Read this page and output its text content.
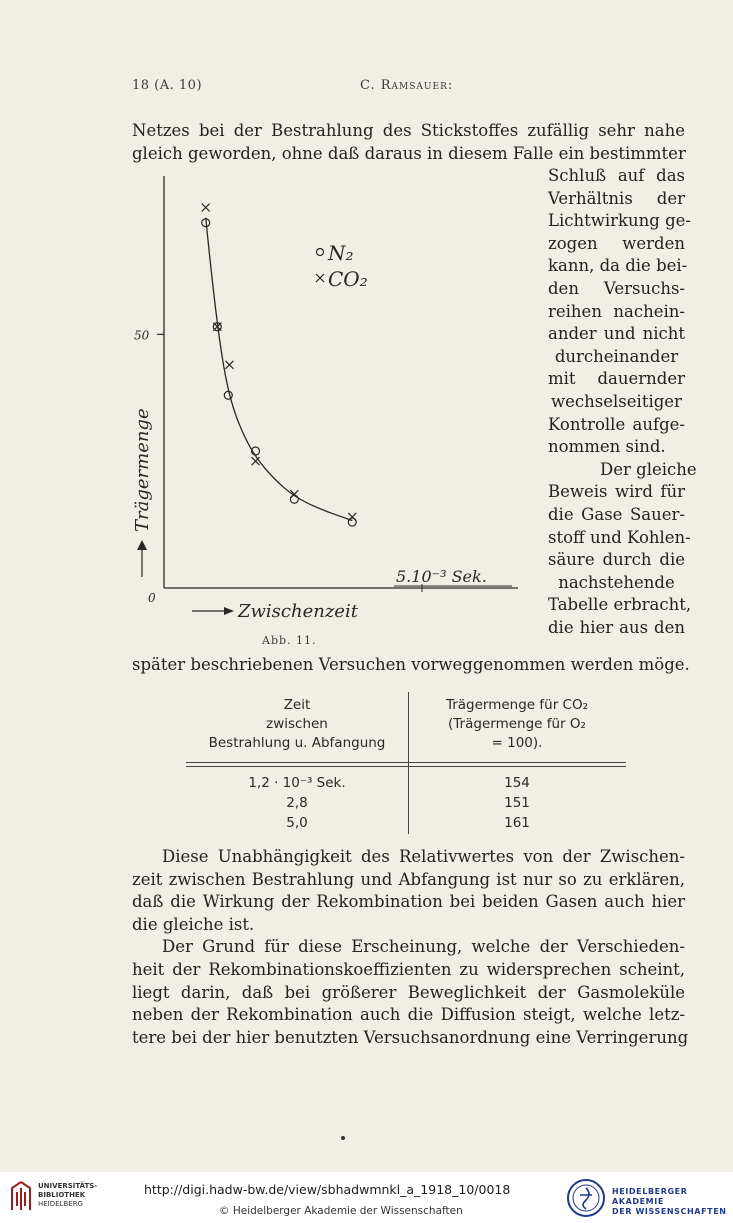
18 (A. 10)	C. Ramsauer:
Netzes bei der Bestrahlung des Stickstoffes zufällig sehr nahe
gleich geworden, ohne daß daraus in diesem Falle ein bestimmter
Schluß auf das
Verhältnis der
Lichtwirkung ge-
zogen werden
kann, da die bei-
den Versuchs-
reihen nachein-
ander und nicht
durcheinander
mit dauernder
wechselseitiger
Kontrolle aufge-
nommen sind.
Der gleiche
Beweis wird für
die Gase Sauer-
stoff und Kohlen-
säure durch die
nachstehende
Tabelle erbracht,
die hier aus den
50
0
5.10⁻³ Sek.
Trägermenge
Zwischenzeit
N₂
CO₂
Abb. 11.
später beschriebenen Versuchen vorweggenommen werden möge.
Zeit
zwischen
Bestrahlung u. Abfangung
Trägermenge für CO₂
(Trägermenge für O₂
= 100).
1,2 · 10⁻³ Sek.
2,8
5,0
154
151
161
Diese Unabhängigkeit des Relativwertes von der Zwischen-
zeit zwischen Bestrahlung und Abfangung ist nur so zu erklären,
daß die Wirkung der Rekombination bei beiden Gasen auch hier
die gleiche ist.
Der Grund für diese Erscheinung, welche der Verschieden-
heit der Rekombinationskoeffizienten zu widersprechen scheint,
liegt darin, daß bei größerer Beweglichkeit der Gasmoleküle
neben der Rekombination auch die Diffusion steigt, welche letz-
tere bei der hier benutzten Versuchsanordnung eine Verringerung
UNIVERSITÄTS-
BIBLIOTHEK
HEIDELBERG
http://digi.hadw-bw.de/view/sbhadwmnkl_a_1918_10/0018
© Heidelberger Akademie der Wissenschaften
HEIDELBERGER AKADEMIE
DER WISSENSCHAFTEN
